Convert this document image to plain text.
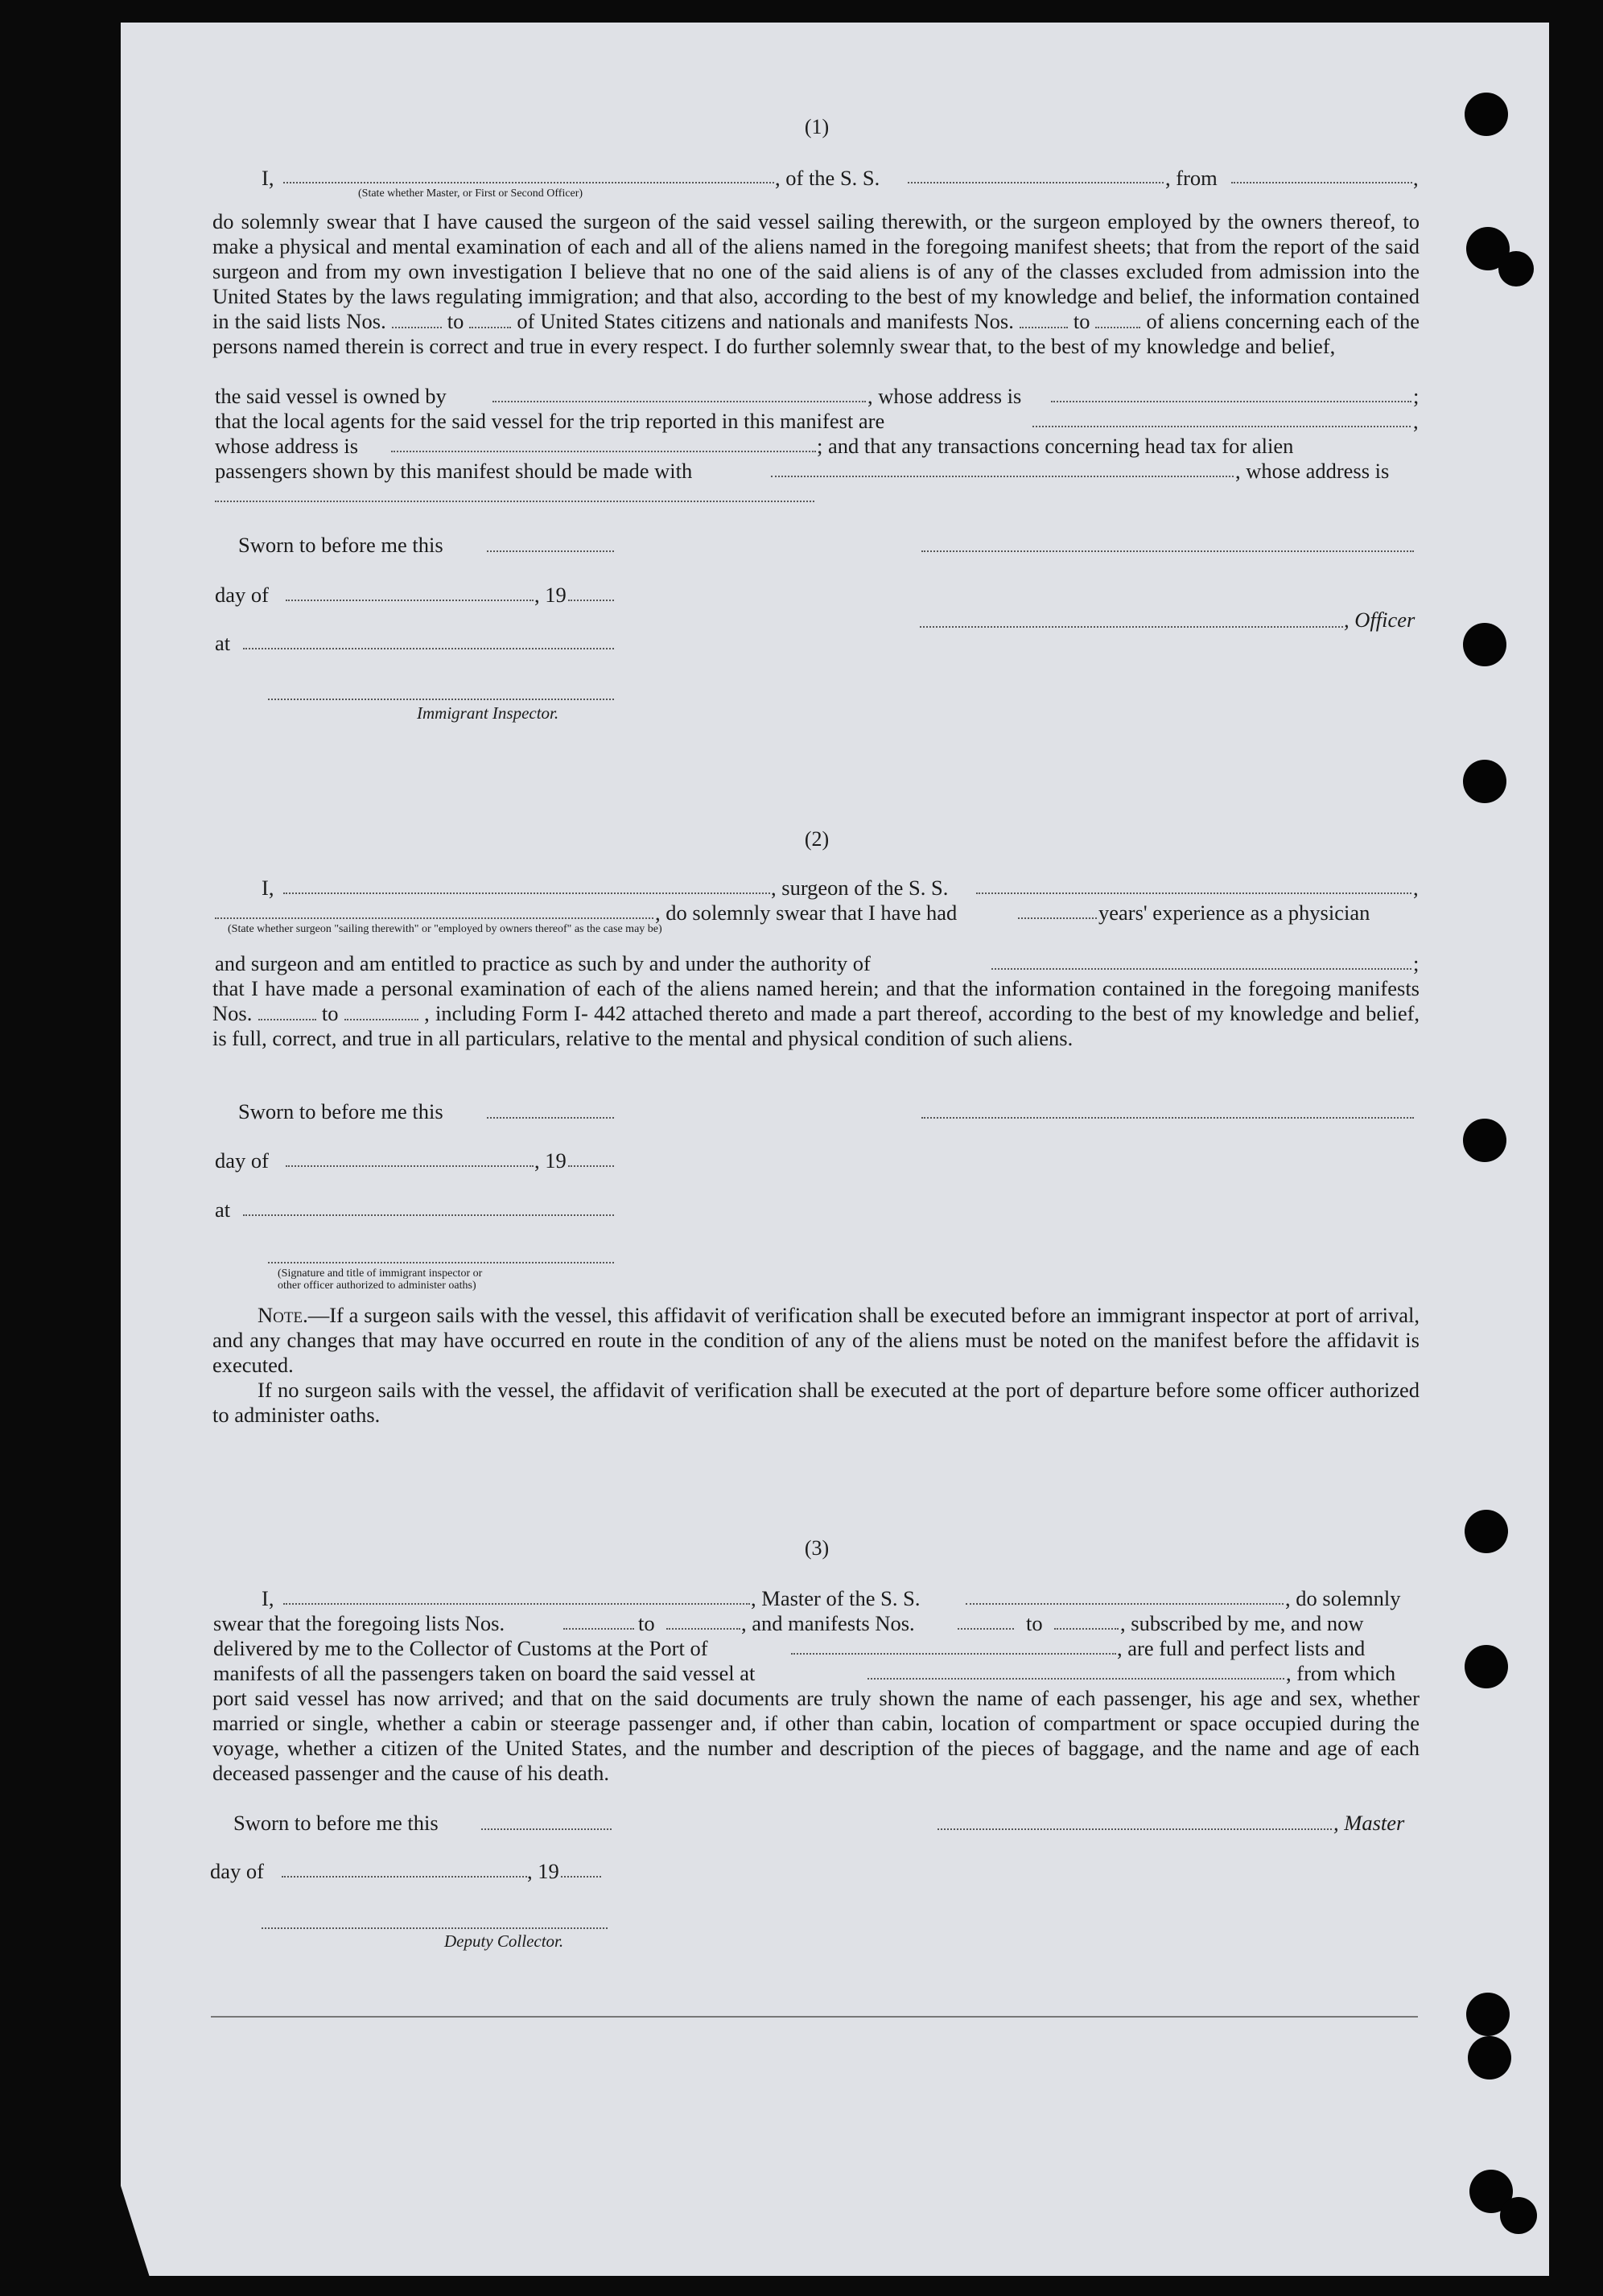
(1)
I,	, of the S. S.	, from	,
(State whether Master, or First or Second Officer)

do solemnly swear that I have caused the surgeon of the said vessel sailing therewith, or the surgeon employed by the owners thereof, to make a physical and mental examination of each and all of the aliens named in the foregoing manifest sheets; that from the report of the said surgeon and from my own investigation I believe that no one of the said aliens is of any of the classes excluded from admission into the United States by the laws regulating immigration; and that also, according to the best of my knowledge and belief, the information contained in the said lists Nos.	to of United States citizens and nationals and manifests Nos.	to	of aliens concerning each of the persons named therein is correct and true in every respect. I do further solemnly swear that, to the best of my knowledge and belief,

the said vessel is owned by	, whose address is	;
that the local agents for the said vessel for the trip reported in this manifest are	,
whose address is	; and that any transactions concerning head tax for alien
passengers shown by this manifest should be made with	, whose address is
Sworn to before me this
day of	, 19
, Officer
at
Immigrant Inspector.
(2)
I,	, surgeon of the S. S.	,
, do solemnly swear that I have had	years' experience as a physician
(State whether surgeon "sailing therewith" or "employed by owners thereof" as the case may be)
and surgeon and am entitled to practice as such by and under the authority of	;

that I have made a personal examination of each of the aliens named herein; and that the information contained in the foregoing manifests Nos.	to	, including Form I- 442 attached thereto and made a part thereof, according to the best of my knowledge and belief, is full, correct, and true in all particulars, relative to the mental and physical condition of such aliens.

Sworn to before me this
day of	, 19
at
(Signature and title of immigrant inspector or
other officer authorized to administer oaths)

Note.—If a surgeon sails with the vessel, this affidavit of verification shall be executed before an immigrant inspector at port of arrival, and any changes that may have occurred en route in the condition of any of the aliens must be noted on the manifest before the affidavit is executed.

If no surgeon sails with the vessel, the affidavit of verification shall be executed at the port of departure before some officer authorized to administer oaths.

(3)
I,	, Master of the S. S.	, do solemnly
swear that the foregoing lists Nos.	to	, and manifests Nos.	to	, subscribed by me, and now
delivered by me to the Collector of Customs at the Port of	, are full and perfect lists and
manifests of all the passengers taken on board the said vessel at	, from which

port said vessel has now arrived; and that on the said documents are truly shown the name of each passenger, his age and sex, whether married or single, whether a cabin or steerage passenger and, if other than cabin, location of compartment or space occupied during the voyage, whether a citizen of the United States, and the number and description of the pieces of baggage, and the name and age of each deceased passenger and the cause of his death.

Sworn to before me this	, Master
day of	, 19
Deputy Collector.
